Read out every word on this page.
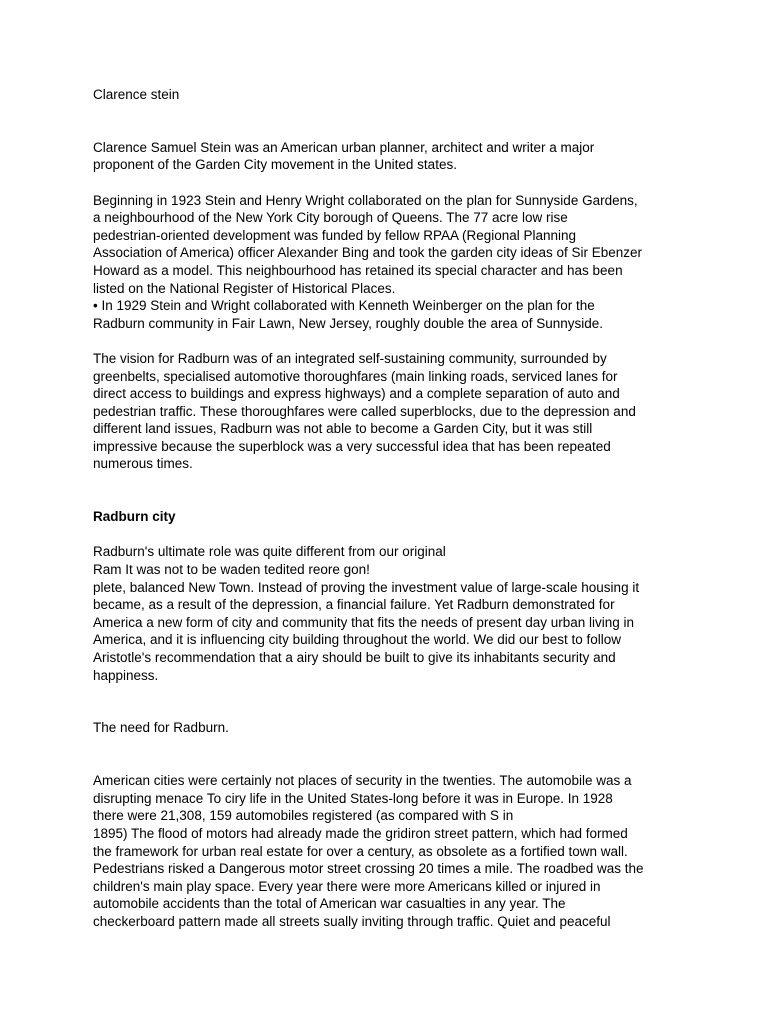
Clarence stein
Clarence Samuel Stein was an American urban planner, architect and writer a major
proponent of the Garden City movement in the United states.
Beginning in 1923 Stein and Henry Wright collaborated on the plan for Sunnyside Gardens,
a neighbourhood of the New York City borough of Queens. The 77 acre low rise
pedestrian-oriented development was funded by fellow RPAA (Regional Planning
Association of America) officer Alexander Bing and took the garden city ideas of Sir Ebenzer
Howard as a model. This neighbourhood has retained its special character and has been
listed on the National Register of Historical Places.
• In 1929 Stein and Wright collaborated with Kenneth Weinberger on the plan for the
Radburn community in Fair Lawn, New Jersey, roughly double the area of Sunnyside.
The vision for Radburn was of an integrated self-sustaining community, surrounded by
greenbelts, specialised automotive thoroughfares (main linking roads, serviced lanes for
direct access to buildings and express highways) and a complete separation of auto and
pedestrian traffic. These thoroughfares were called superblocks, due to the depression and
different land issues, Radburn was not able to become a Garden City, but it was still
impressive because the superblock was a very successful idea that has been repeated
numerous times.
Radburn city
Radburn's ultimate role was quite different from our original
Ram It was not to be waden tedited reore gon!
plete, balanced New Town. Instead of proving the investment value of large-scale housing it
became, as a result of the depression, a financial failure. Yet Radburn demonstrated for
America a new form of city and community that fits the needs of present day urban living in
America, and it is influencing city building throughout the world. We did our best to follow
Aristotle's recommendation that a airy should be built to give its inhabitants security and
happiness.
The need for Radburn.
American cities were certainly not places of security in the twenties. The automobile was a
disrupting menace To ciry life in the United States-long before it was in Europe. In 1928
there were 21,308, 159 automobiles registered (as compared with S in
1895) The flood of motors had already made the gridiron street pattern, which had formed
the framework for urban real estate for over a century, as obsolete as a fortified town wall.
Pedestrians risked a Dangerous motor street crossing 20 times a mile. The roadbed was the
children's main play space. Every year there were more Americans killed or injured in
automobile accidents than the total of American war casualties in any year. The
checkerboard pattern made all streets sually inviting through traffic. Quiet and peaceful
